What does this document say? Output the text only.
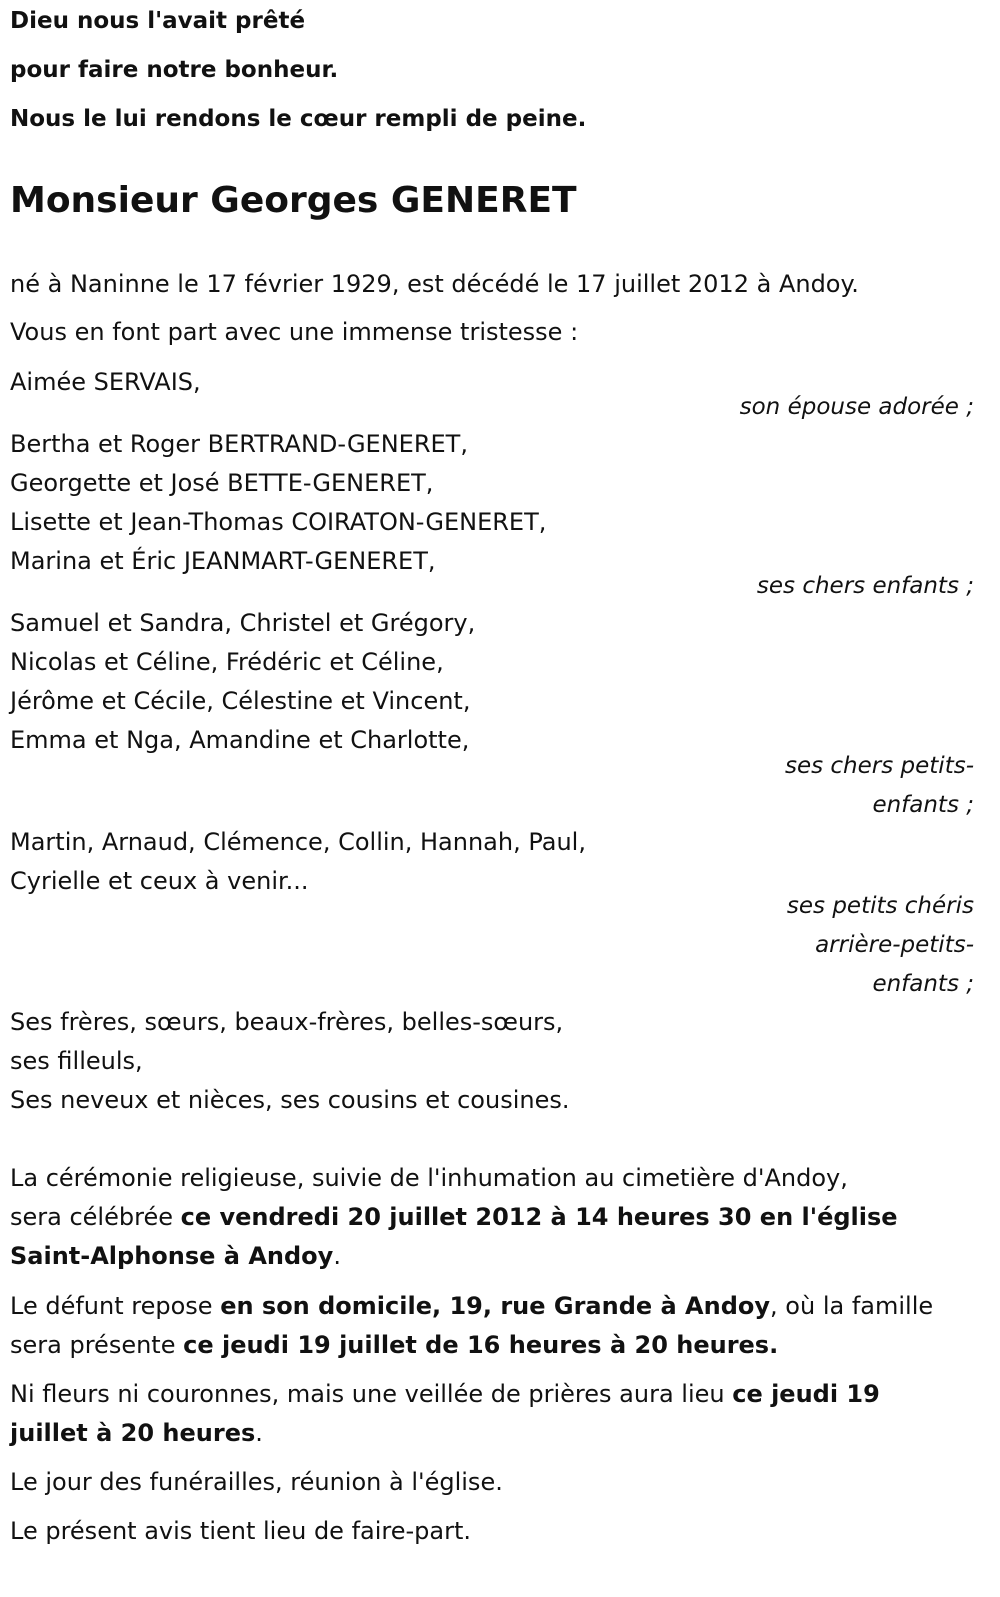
Dieu nous l'avait prêté

pour faire notre bonheur.

Nous le lui rendons le cœur rempli de peine.

Monsieur Georges GENERET

né à Naninne le 17 février 1929, est décédé le 17 juillet 2012 à Andoy.

Vous en font part avec une immense tristesse :

Aimée SERVAIS,

son épouse adorée ;

Bertha et Roger BERTRAND-GENERET,

Georgette et José BETTE-GENERET,

Lisette et Jean-Thomas COIRATON-GENERET,

Marina et Éric JEANMART-GENERET,

ses chers enfants ;

Samuel et Sandra, Christel et Grégory,

Nicolas et Céline, Frédéric et Céline,

Jérôme et Cécile, Célestine et Vincent,

Emma et Nga, Amandine et Charlotte,

ses chers petits-

enfants ;

Martin, Arnaud, Clémence, Collin, Hannah, Paul,

Cyrielle et ceux à venir...

ses petits chéris

arrière-petits-

enfants ;

Ses frères, sœurs, beaux-frères, belles-sœurs,

ses filleuls,

Ses neveux et nièces, ses cousins et cousines.

La cérémonie religieuse, suivie de l'inhumation au cimetière d'Andoy,

sera célébrée ce vendredi 20 juillet 2012 à 14 heures 30 en l'église

Saint-Alphonse à Andoy.

Le défunt repose en son domicile, 19, rue Grande à Andoy, où la famille

sera présente ce jeudi 19 juillet de 16 heures à 20 heures.

Ni fleurs ni couronnes, mais une veillée de prières aura lieu ce jeudi 19

juillet à 20 heures.

Le jour des funérailles, réunion à l'église.

Le présent avis tient lieu de faire-part.
